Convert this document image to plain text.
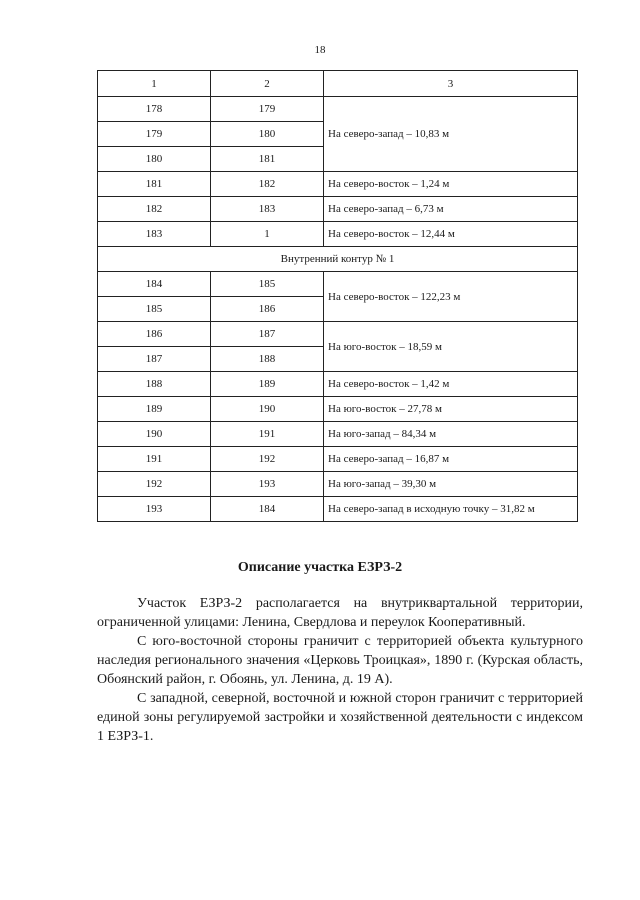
18
1	2	3
178	179	На северо-запад – 10,83 м
179	180	
180	181	
181	182	На северо-восток – 1,24 м
182	183	На северо-запад – 6,73 м
183	1	На северо-восток – 12,44 м
Внутренний контур № 1		
184	185	На северо-восток – 122,23 м
185	186	
186	187	На юго-восток – 18,59 м
187	188	
188	189	На северо-восток – 1,42 м
189	190	На юго-восток – 27,78 м
190	191	На юго-запад – 84,34 м
191	192	На северо-запад – 16,87 м
192	193	На юго-запад – 39,30 м
193	184	На северо-запад в исходную точку – 31,82 м
Описание участка ЕЗРЗ-2

Участок ЕЗРЗ-2 располагается на внутриквартальной территории, ограниченной улицами: Ленина, Свердлова и переулок Кооперативный.

С юго-восточной стороны граничит с территорией объекта культурного наследия регионального значения «Церковь Троицкая», 1890 г. (Курская область, Обоянский район, г. Обоянь, ул. Ленина, д. 19 А).

С западной, северной, восточной и южной сторон граничит с территорией единой зоны регулируемой застройки и хозяйственной деятельности с индексом 1 ЕЗРЗ-1.
